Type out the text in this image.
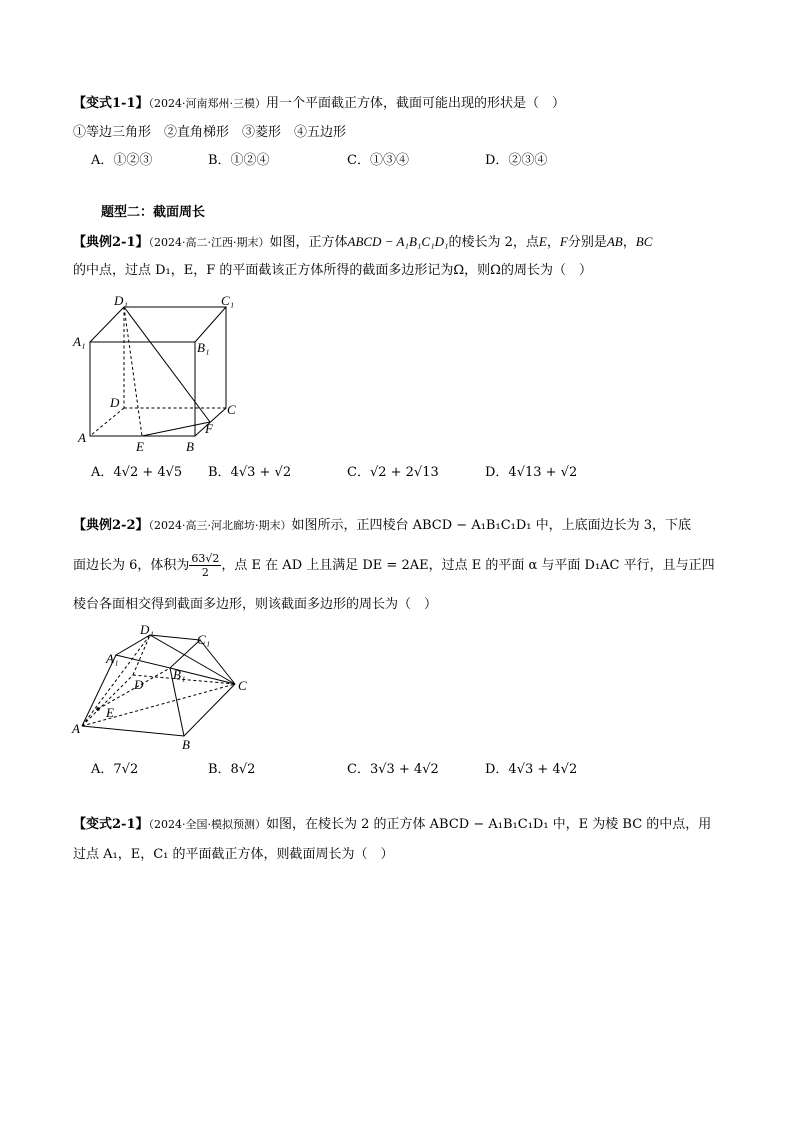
【变式1-1】（2024·河南郑州·三模）用一个平面截正方体，截面可能出现的形状是（　）
①等边三角形　②直角梯形　③菱形　④五边形
A．①②③	B．①②④	C．①③④	D．②③④
题型二：截面周长
【典例2-1】（2024·高二·江西·期末）如图，正方体ABCD − A₁B₁C₁D₁的棱长为 2，点E，F分别是AB，BC
的中点，过点 D₁，E，F 的平面截该正方体所得的截面多边形记为Ω，则Ω的周长为（　）
D₁	C₁
A₁	B₁
D	C
F
A
E	B
A．4√2 + 4√5 B．4√3 + √2	C．√2 + 2√13	D．4√13 + √2
【典例2-2】（2024·高三·河北廊坊·期末）如图所示，正四棱台 ABCD − A₁B₁C₁D₁ 中，上底面边长为 3，下底
面边长为 6，体积为 $\frac{63√2}{2}$ ，点 E 在 AD 上且满足 DE = 2AE，过点 E 的平面 α 与平面 D₁AC 平行，且与正四
棱台各面相交得到截面多边形，则该截面多边形的周长为（　）
D₁
C₁
A₁
B₁
D	C
E
A
B
A．7√2	B．8√2	C．3√3 + 4√2	D．4√3 + 4√2
【变式2-1】（2024·全国·模拟预测）如图，在棱长为 2 的正方体 ABCD − A₁B₁C₁D₁ 中，E 为棱 BC 的中点，用
过点 A₁，E，C₁ 的平面截正方体，则截面周长为（　）
